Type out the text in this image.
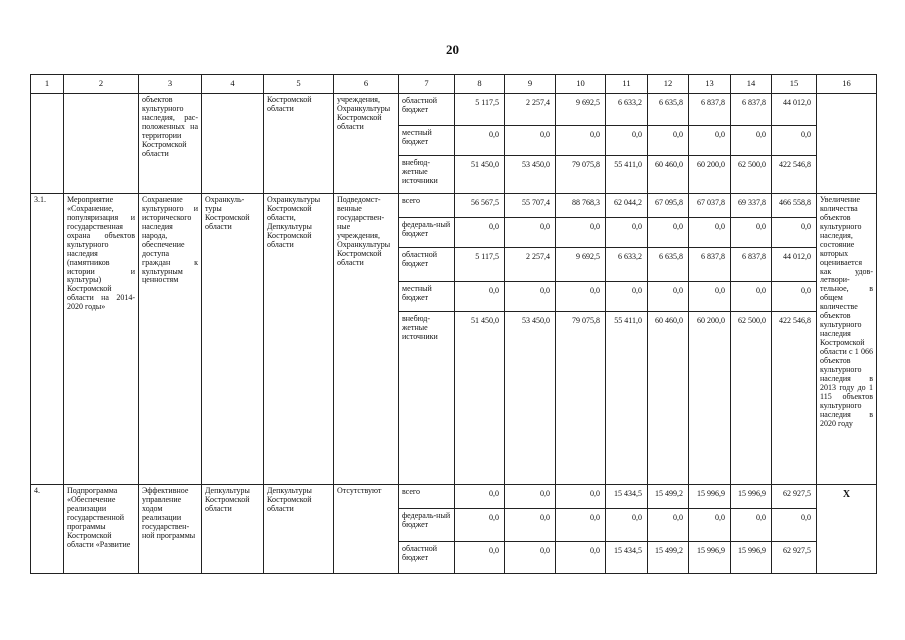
20
1	2	3	4	5	6	7	8	9	10	11	12	13	14	15	16
		объектов культурного наследия, рас-положенных на территории Костромской области		Костромской области	учреждения, Охранкультуры Костромской области	областной бюджет	5 117,5	2 257,4	9 692,5	6 633,2	6 635,8	6 837,8	6 837,8	44 012,0	
						местный бюджет	0,0	0,0	0,0	0,0	0,0	0,0	0,0	0,0	
						внебюд-жетные источники	51 450,0	53 450,0	79 075,8	55 411,0	60 460,0	60 200,0	62 500,0	422 546,8	
3.1.	Мероприятие «Сохранение, популяризация и государственная охрана объектов культурного наследия (памятников истории и культуры) Костромской области на 2014-2020 годы»	Сохранение культурного и исторического наследия народа, обеспечение доступа граждан к культурным ценностям	Охранкуль-туры Костромской области	Охранкультуры Костромской области, Депкультуры Костромской области	Подведомст-венные государствен-ные учреждения, Охранкультуры Костромской области	всего	56 567,5	55 707,4	88 768,3	62 044,2	67 095,8	67 037,8	69 337,8	466 558,8	Увеличение количества объектов культурного наследия, состояние которых оценивается как удов-летвори-тельное, в общем количестве объектов культурного наследия Костромской области с 1 066 объектов культурного наследия в 2013 году до 1 115 объектов культурного наследия в 2020 году
						федераль-ный бюджет	0,0	0,0	0,0	0,0	0,0	0,0	0,0	0,0	
						областной бюджет	5 117,5	2 257,4	9 692,5	6 633,2	6 635,8	6 837,8	6 837,8	44 012,0	
						местный бюджет	0,0	0,0	0,0	0,0	0,0	0,0	0,0	0,0	
						внебюд-жетные источники	51 450,0	53 450,0	79 075,8	55 411,0	60 460,0	60 200,0	62 500,0	422 546,8	
4.	Подпрограмма «Обеспечение реализации государственной программы Костромской области «Развитие	Эффективное управление ходом реализации государствен-ной программы	Депкультуры Костромской области	Депкультуры Костромской области	Отсутствуют	всего	0,0	0,0	0,0	15 434,5	15 499,2	15 996,9	15 996,9	62 927,5	X
						федераль-ный бюджет	0,0	0,0	0,0	0,0	0,0	0,0	0,0	0,0	
						областной бюджет	0,0	0,0	0,0	15 434,5	15 499,2	15 996,9	15 996,9	62 927,5	
